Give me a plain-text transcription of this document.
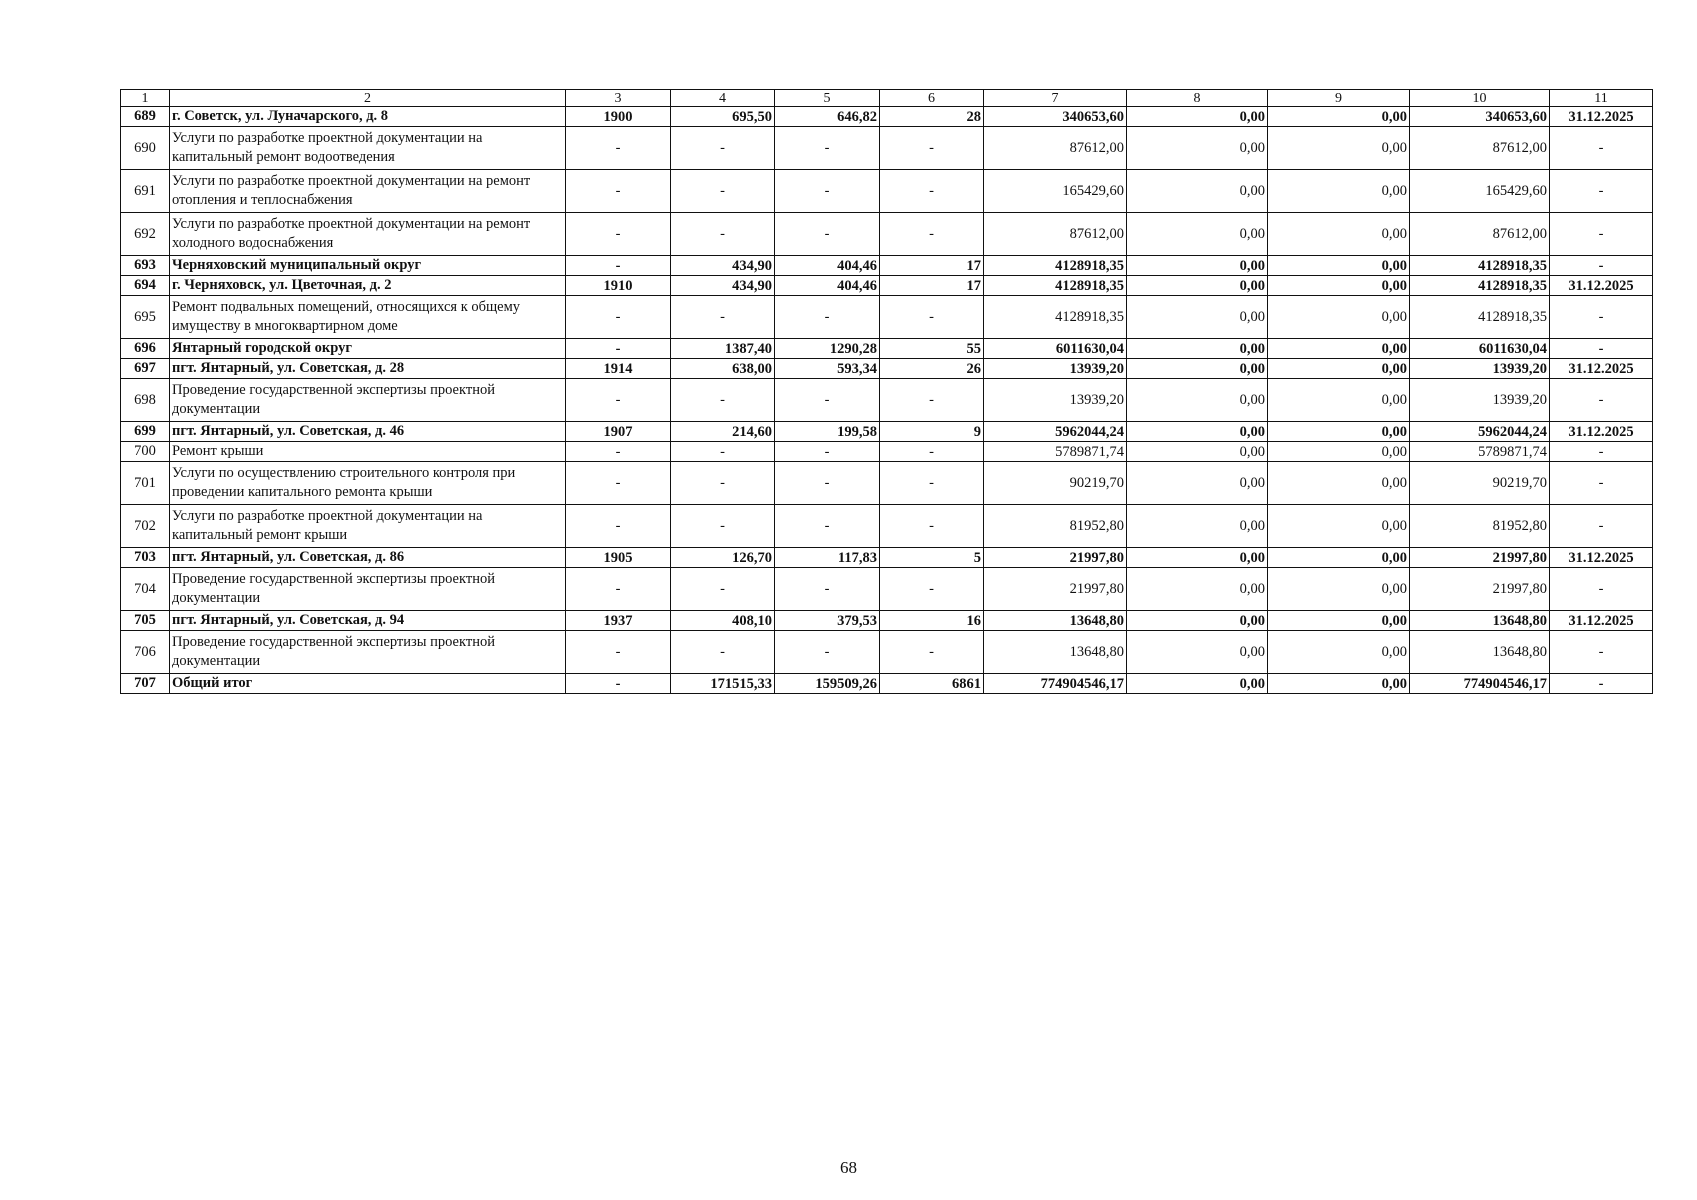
1	2	3	4	5	6	7	8	9	10	11
689	г. Советск, ул. Луначарского, д. 8	1900	695,50	646,82	28	340653,60	0,00	0,00	340653,60	31.12.2025
690	Услуги по разработке проектной документации на капитальный ремонт водоотведения	-	-	-	-	87612,00	0,00	0,00	87612,00	-
691	Услуги по разработке проектной документации на ремонт отопления и теплоснабжения	-	-	-	-	165429,60	0,00	0,00	165429,60	-
692	Услуги по разработке проектной документации на ремонт холодного водоснабжения	-	-	-	-	87612,00	0,00	0,00	87612,00	-
693	Черняховский муниципальный округ	-	434,90	404,46	17	4128918,35	0,00	0,00	4128918,35	-
694	г. Черняховск, ул. Цветочная, д. 2	1910	434,90	404,46	17	4128918,35	0,00	0,00	4128918,35	31.12.2025
695	Ремонт подвальных помещений, относящихся к общему имуществу в многоквартирном доме	-	-	-	-	4128918,35	0,00	0,00	4128918,35	-
696	Янтарный городской округ	-	1387,40	1290,28	55	6011630,04	0,00	0,00	6011630,04	-
697	пгт. Янтарный, ул. Советская, д. 28	1914	638,00	593,34	26	13939,20	0,00	0,00	13939,20	31.12.2025
698	Проведение государственной экспертизы проектной документации	-	-	-	-	13939,20	0,00	0,00	13939,20	-
699	пгт. Янтарный, ул. Советская, д. 46	1907	214,60	199,58	9	5962044,24	0,00	0,00	5962044,24	31.12.2025
700	Ремонт крыши	-	-	-	-	5789871,74	0,00	0,00	5789871,74	-
701	Услуги по осуществлению строительного контроля при проведении капитального ремонта крыши	-	-	-	-	90219,70	0,00	0,00	90219,70	-
702	Услуги по разработке проектной документации на капитальный ремонт крыши	-	-	-	-	81952,80	0,00	0,00	81952,80	-
703	пгт. Янтарный, ул. Советская, д. 86	1905	126,70	117,83	5	21997,80	0,00	0,00	21997,80	31.12.2025
704	Проведение государственной экспертизы проектной документации	-	-	-	-	21997,80	0,00	0,00	21997,80	-
705	пгт. Янтарный, ул. Советская, д. 94	1937	408,10	379,53	16	13648,80	0,00	0,00	13648,80	31.12.2025
706	Проведение государственной экспертизы проектной документации	-	-	-	-	13648,80	0,00	0,00	13648,80	-
707	Общий итог	-	171515,33	159509,26	6861	774904546,17	0,00	0,00	774904546,17	-
68
